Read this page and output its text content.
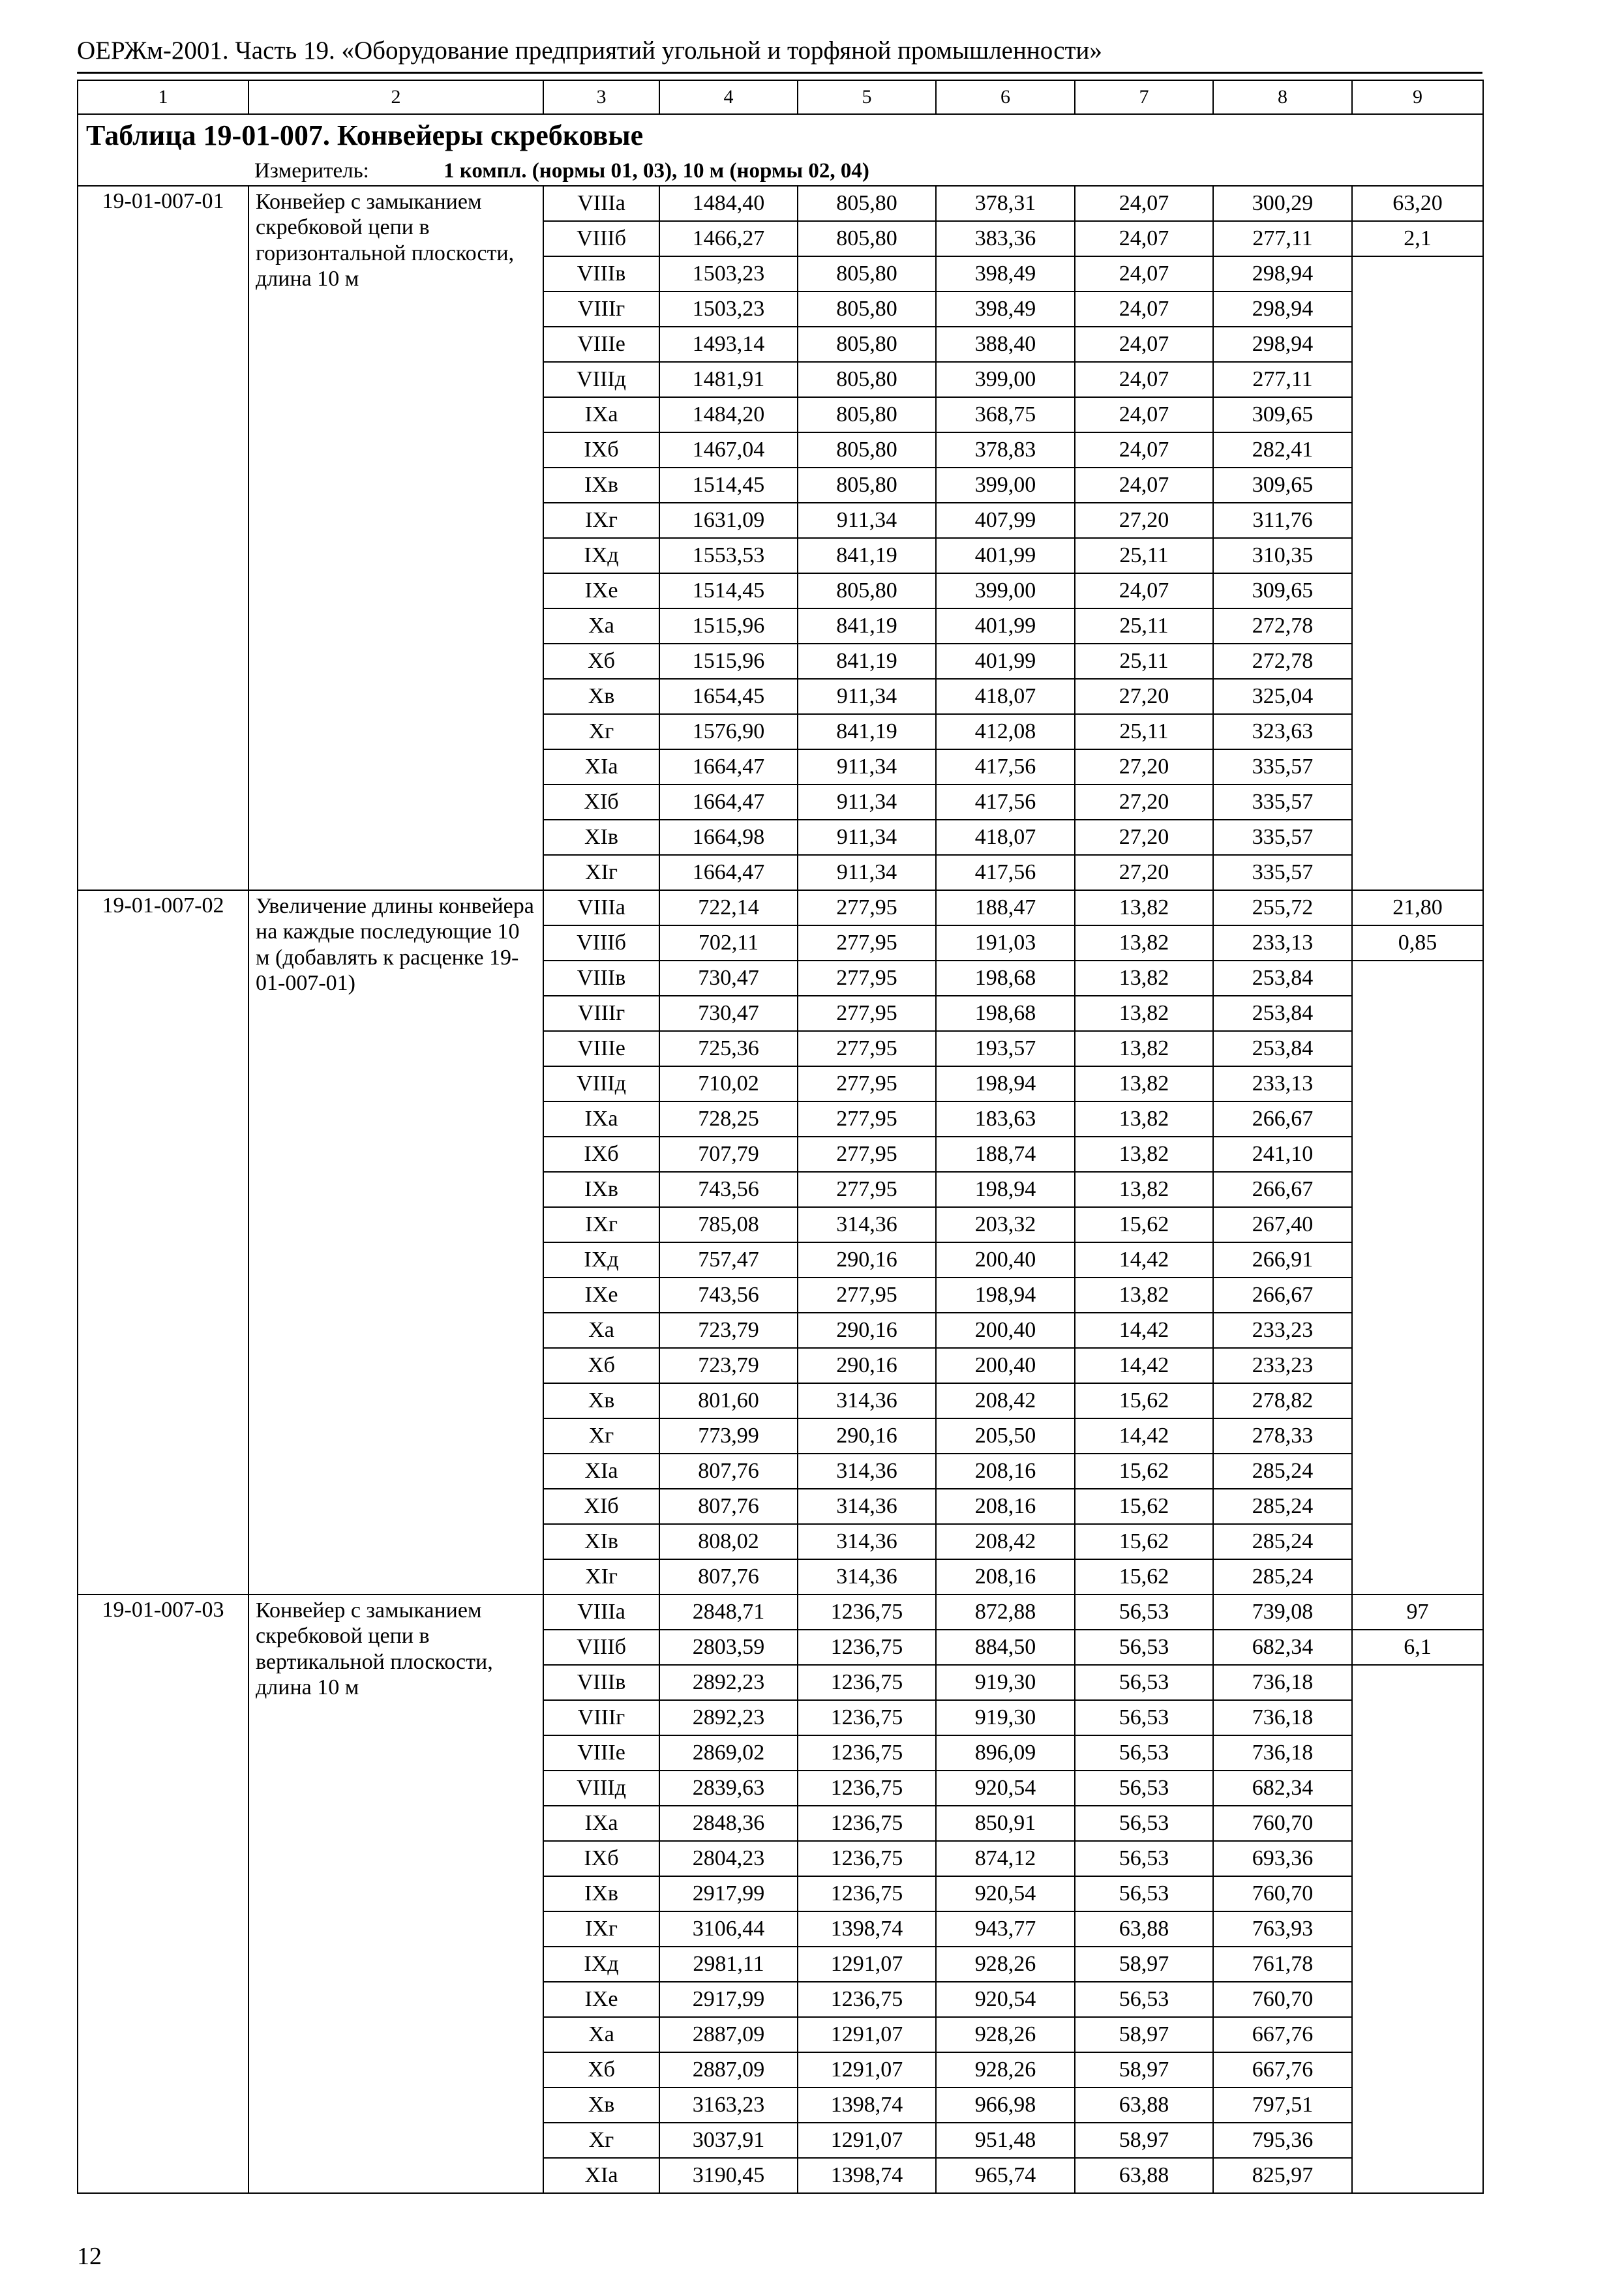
ОЕРЖм-2001. Часть 19. «Оборудование предприятий угольной и торфяной промышленности»
1	2	3	4	5	6	7	8	9
Таблица 19-01-007. Конвейеры скребковые								
Измеритель: 1 компл. (нормы 01, 03), 10 м (нормы 02, 04)								
19-01-007-01	Конвейер с замыканием скребковой цепи в горизонтальной плоскости, длина 10 м	VIIIа	1484,40	805,80	378,31	24,07	300,29	63,20
		VIIIб	1466,27	805,80	383,36	24,07	277,11	2,1
		VIIIв	1503,23	805,80	398,49	24,07	298,94	
		VIIIг	1503,23	805,80	398,49	24,07	298,94	
		VIIIе	1493,14	805,80	388,40	24,07	298,94	
		VIIIд	1481,91	805,80	399,00	24,07	277,11	
		IXа	1484,20	805,80	368,75	24,07	309,65	
		IXб	1467,04	805,80	378,83	24,07	282,41	
		IXв	1514,45	805,80	399,00	24,07	309,65	
		IXг	1631,09	911,34	407,99	27,20	311,76	
		IXд	1553,53	841,19	401,99	25,11	310,35	
		IXе	1514,45	805,80	399,00	24,07	309,65	
		Xа	1515,96	841,19	401,99	25,11	272,78	
		Xб	1515,96	841,19	401,99	25,11	272,78	
		Xв	1654,45	911,34	418,07	27,20	325,04	
		Xг	1576,90	841,19	412,08	25,11	323,63	
		XIа	1664,47	911,34	417,56	27,20	335,57	
		XIб	1664,47	911,34	417,56	27,20	335,57	
		XIв	1664,98	911,34	418,07	27,20	335,57	
		XIг	1664,47	911,34	417,56	27,20	335,57	
19-01-007-02	Увеличение длины конвейера на каждые последующие 10 м (добавлять к расценке 19-01-007-01)	VIIIа	722,14	277,95	188,47	13,82	255,72	21,80
		VIIIб	702,11	277,95	191,03	13,82	233,13	0,85
		VIIIв	730,47	277,95	198,68	13,82	253,84	
		VIIIг	730,47	277,95	198,68	13,82	253,84	
		VIIIе	725,36	277,95	193,57	13,82	253,84	
		VIIIд	710,02	277,95	198,94	13,82	233,13	
		IXа	728,25	277,95	183,63	13,82	266,67	
		IXб	707,79	277,95	188,74	13,82	241,10	
		IXв	743,56	277,95	198,94	13,82	266,67	
		IXг	785,08	314,36	203,32	15,62	267,40	
		IXд	757,47	290,16	200,40	14,42	266,91	
		IXе	743,56	277,95	198,94	13,82	266,67	
		Xа	723,79	290,16	200,40	14,42	233,23	
		Xб	723,79	290,16	200,40	14,42	233,23	
		Xв	801,60	314,36	208,42	15,62	278,82	
		Xг	773,99	290,16	205,50	14,42	278,33	
		XIа	807,76	314,36	208,16	15,62	285,24	
		XIб	807,76	314,36	208,16	15,62	285,24	
		XIв	808,02	314,36	208,42	15,62	285,24	
		XIг	807,76	314,36	208,16	15,62	285,24	
19-01-007-03	Конвейер с замыканием скребковой цепи в вертикальной плоскости, длина 10 м	VIIIа	2848,71	1236,75	872,88	56,53	739,08	97
		VIIIб	2803,59	1236,75	884,50	56,53	682,34	6,1
		VIIIв	2892,23	1236,75	919,30	56,53	736,18	
		VIIIг	2892,23	1236,75	919,30	56,53	736,18	
		VIIIе	2869,02	1236,75	896,09	56,53	736,18	
		VIIIд	2839,63	1236,75	920,54	56,53	682,34	
		IXа	2848,36	1236,75	850,91	56,53	760,70	
		IXб	2804,23	1236,75	874,12	56,53	693,36	
		IXв	2917,99	1236,75	920,54	56,53	760,70	
		IXг	3106,44	1398,74	943,77	63,88	763,93	
		IXд	2981,11	1291,07	928,26	58,97	761,78	
		IXе	2917,99	1236,75	920,54	56,53	760,70	
		Xа	2887,09	1291,07	928,26	58,97	667,76	
		Xб	2887,09	1291,07	928,26	58,97	667,76	
		Xв	3163,23	1398,74	966,98	63,88	797,51	
		Xг	3037,91	1291,07	951,48	58,97	795,36	
		XIа	3190,45	1398,74	965,74	63,88	825,97	
12
